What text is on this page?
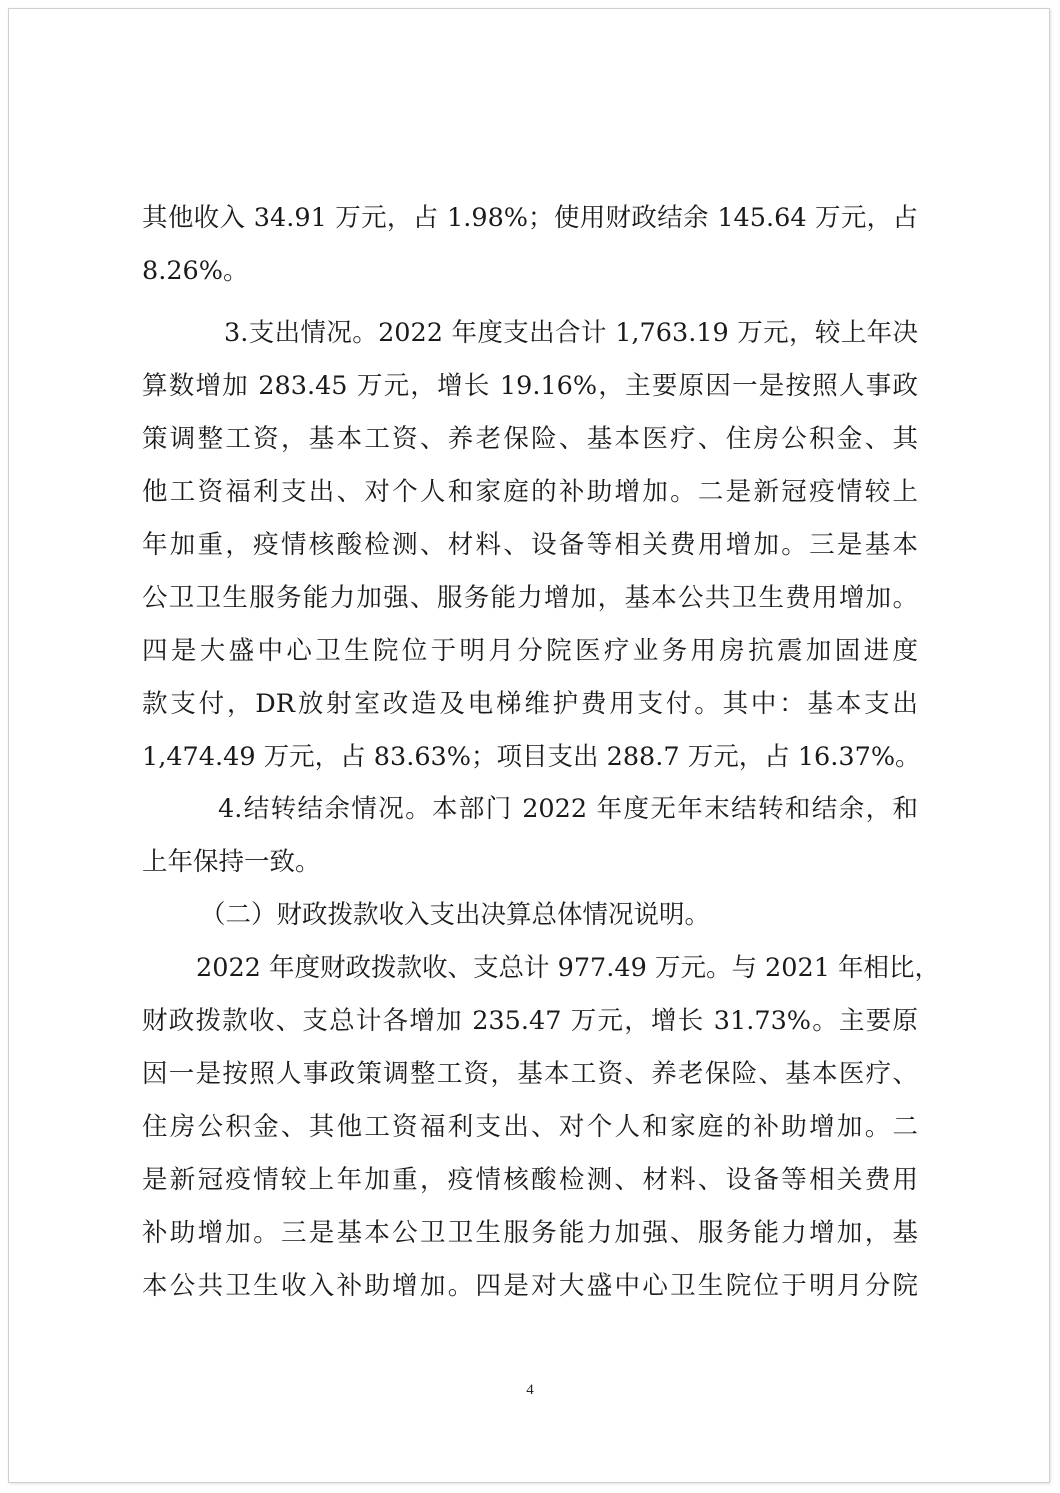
其他收入 34.91 万元，占 1.98%；使用财政结余 145.64 万元，占
8.26%。
3.支出情况。2022 年度支出合计 1,763.19 万元，较上年决
算数增加 283.45 万元，增长 19.16%，主要原因一是按照人事政
策调整工资，基本工资、养老保险、基本医疗、住房公积金、其
他工资福利支出、对个人和家庭的补助增加。二是新冠疫情较上
年加重，疫情核酸检测、材料、设备等相关费用增加。三是基本
公卫卫生服务能力加强、服务能力增加，基本公共卫生费用增加。
四是大盛中心卫生院位于明月分院医疗业务用房抗震加固进度
款支付，DR放射室改造及电梯维护费用支付。其中：基本支出
1,474.49 万元，占 83.63%；项目支出 288.7 万元，占 16.37%。
4.结转结余情况。本部门 2022 年度无年末结转和结余，和
上年保持一致。
（二）财政拨款收入支出决算总体情况说明。
2022 年度财政拨款收、支总计 977.49 万元。与 2021 年相比，
财政拨款收、支总计各增加 235.47 万元，增长 31.73%。主要原
因一是按照人事政策调整工资，基本工资、养老保险、基本医疗、
住房公积金、其他工资福利支出、对个人和家庭的补助增加。二
是新冠疫情较上年加重，疫情核酸检测、材料、设备等相关费用
补助增加。三是基本公卫卫生服务能力加强、服务能力增加，基
本公共卫生收入补助增加。四是对大盛中心卫生院位于明月分院
4
